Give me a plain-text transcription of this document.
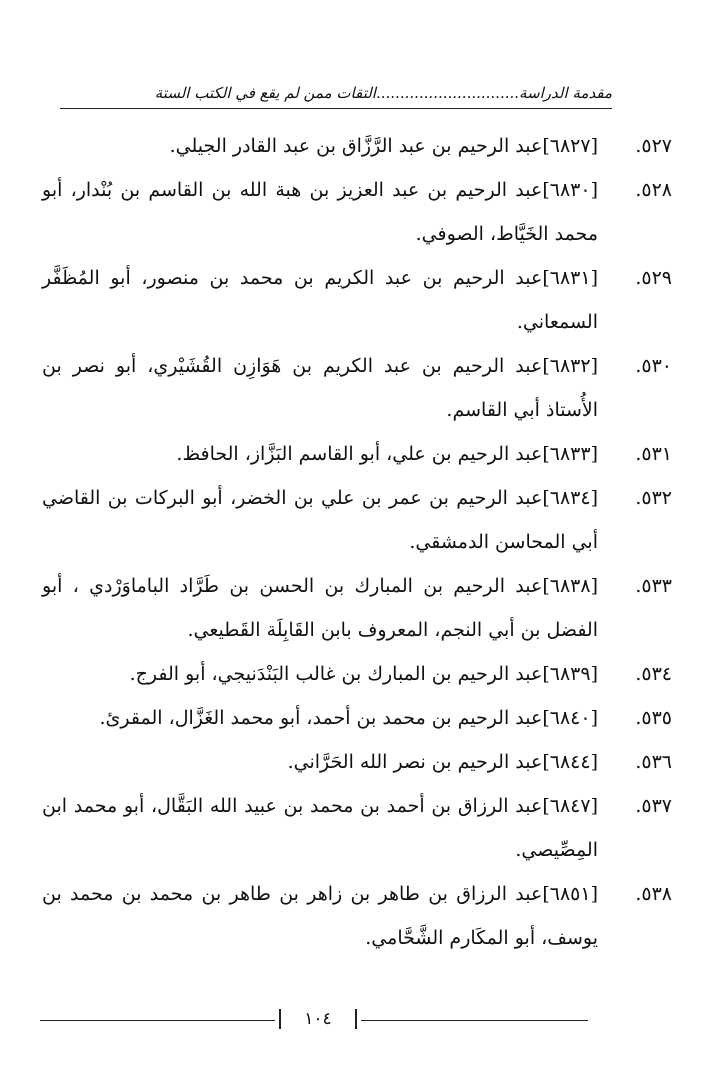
مقدمة الدراسة..............................التقات ممن لم يقع في الكتب الستة
٥٢٧.
[٦٨٢٧]عبد الرحيم بن عبد الرَّزَّاق بن عبد القادر الجيلي.
٥٢٨.
[٦٨٣٠]عبد الرحيم بن عبد العزيز بن هبة الله بن القاسم بن بُنْدار، أبو محمد الخَيَّاط، الصوفي.
٥٢٩.
[٦٨٣١]عبد الرحيم بن عبد الكريم بن محمد بن منصور، أبو المُظَفَّر السمعاني.
٥٣٠.
[٦٨٣٢]عبد الرحيم بن عبد الكريم بن هَوَازِن القُشَيْري، أبو نصر بن الأُستاذ أبي القاسم.
٥٣١.
[٦٨٣٣]عبد الرحيم بن علي، أبو القاسم البَزَّاز، الحافظ.
٥٣٢.
[٦٨٣٤]عبد الرحيم بن عمر بن علي بن الخضر، أبو البركات بن القاضي أبي المحاسن الدمشقي.
٥٣٣.
[٦٨٣٨]عبد الرحيم بن المبارك بن الحسن بن طَرَّاد الباماوَرْدي ، أبو الفضل بن أبي النجم، المعروف بابن القَابِلَة القَطيعي.
٥٣٤.
[٦٨٣٩]عبد الرحيم بن المبارك بن غالب البَنْدَنيجي، أبو الفرج.
٥٣٥.
[٦٨٤٠]عبد الرحيم بن محمد بن أحمد، أبو محمد الغَزَّال، المقرئ.
٥٣٦.
[٦٨٤٤]عبد الرحيم بن نصر الله الحَرَّاني.
٥٣٧.
[٦٨٤٧]عبد الرزاق بن أحمد بن محمد بن عبيد الله البَقَّال، أبو محمد ابن المِصِّيصي.
٥٣٨.
[٦٨٥١]عبد الرزاق بن طاهر بن زاهر بن طاهر بن محمد بن محمد بن يوسف، أبو المكَارم الشَّحَّامي.
١٠٤
